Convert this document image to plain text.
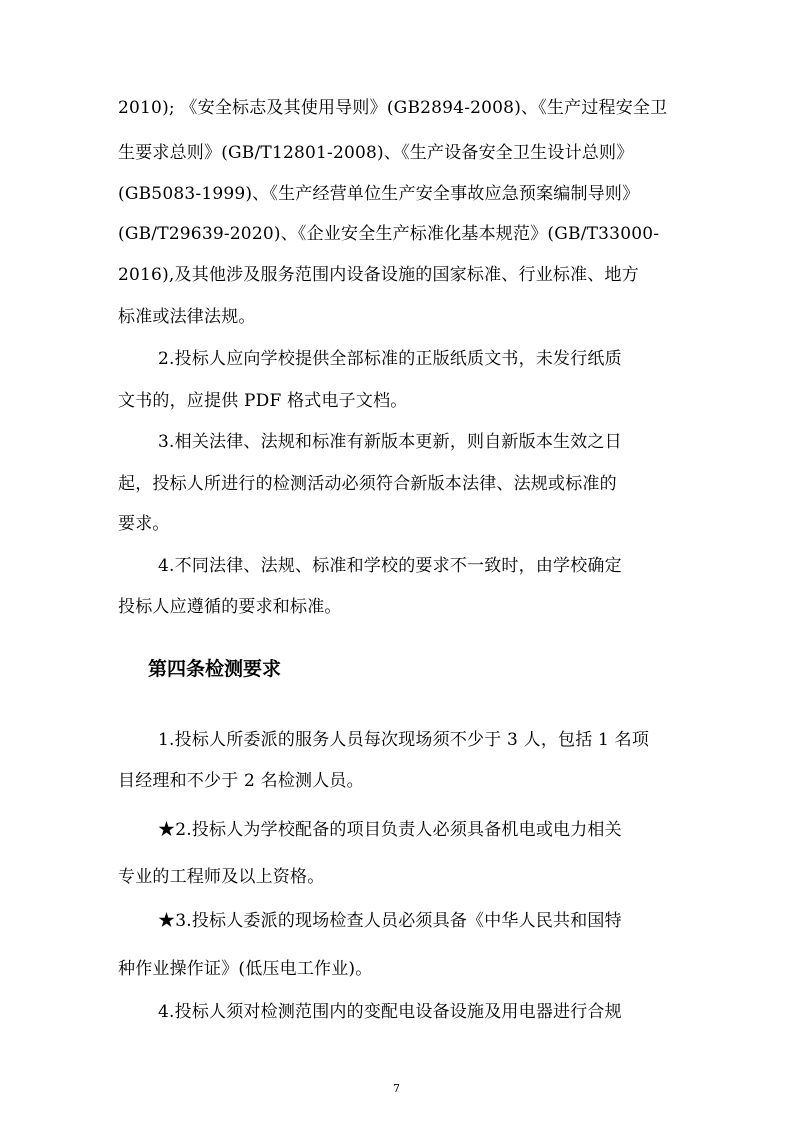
2010); 《安全标志及其使用导则》(GB2894-2008)、《生产过程安全卫
生要求总则》(GB/T12801-2008)、《生产设备安全卫生设计总则》
(GB5083-1999)、《生产经营单位生产安全事故应急预案编制导则》
(GB/T29639-2020)、《企业安全生产标准化基本规范》(GB/T33000-
2016),及其他涉及服务范围内设备设施的国家标准、行业标准、地方
标准或法律法规。
2.投标人应向学校提供全部标准的正版纸质文书，未发行纸质
文书的，应提供 PDF 格式电子文档。
3.相关法律、法规和标准有新版本更新，则自新版本生效之日
起，投标人所进行的检测活动必须符合新版本法律、法规或标准的
要求。
4.不同法律、法规、标准和学校的要求不一致时，由学校确定
投标人应遵循的要求和标准。
第四条检测要求
1.投标人所委派的服务人员每次现场须不少于 3 人，包括 1 名项
目经理和不少于 2 名检测人员。
★2.投标人为学校配备的项目负责人必须具备机电或电力相关
专业的工程师及以上资格。
★3.投标人委派的现场检查人员必须具备《中华人民共和国特
种作业操作证》(低压电工作业)。
4.投标人须对检测范围内的变配电设备设施及用电器进行合规
7
